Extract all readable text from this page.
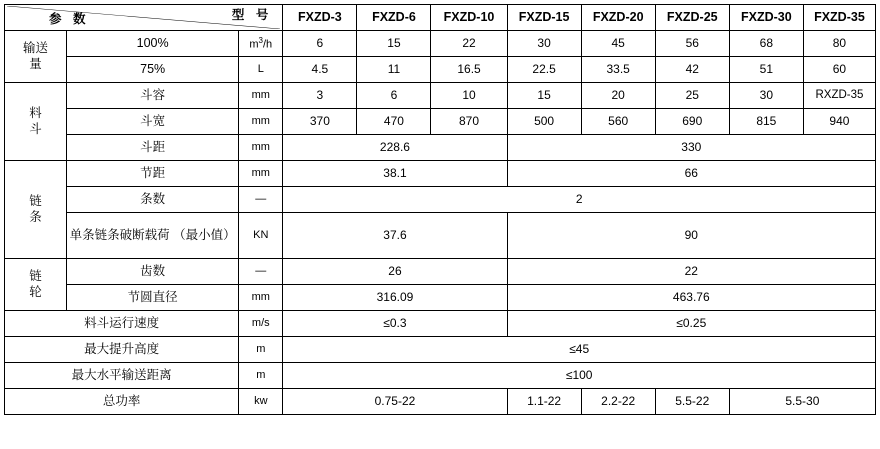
型 号
参 数			FXZD-3	FXZD-6	FXZD-10	FXZD-15	FXZD-20	FXZD-25	FXZD-30	FXZD-35

输送
量	100%	$m^3/h$	6	15	22	30	45	56	68	80
	75%	L	4.5	11	16.5	22.5	33.5	42	51	60

料
斗	斗容	mm	3	6	10	15	20	25	30	RXZD-35
	斗宽	mm	370	470	870	500	560	690	815	940
	斗距	mm	228.6			330				

链
条	节距	mm	38.1			66				
	条数	—	2							
	单条链条破断载荷 （最小值）	KN	37.6			90				

链
轮	齿数	—	26			22				
	节圆直径	mm	316.09			463.76				
料斗运行速度		m/s	≤0.3			≤0.25				
最大提升高度		m	≤45							
最大水平输送距离		m	≤100							
总功率		kw	0.75-22			1.1-22	2.2-22	5.5-22	5.5-30	
